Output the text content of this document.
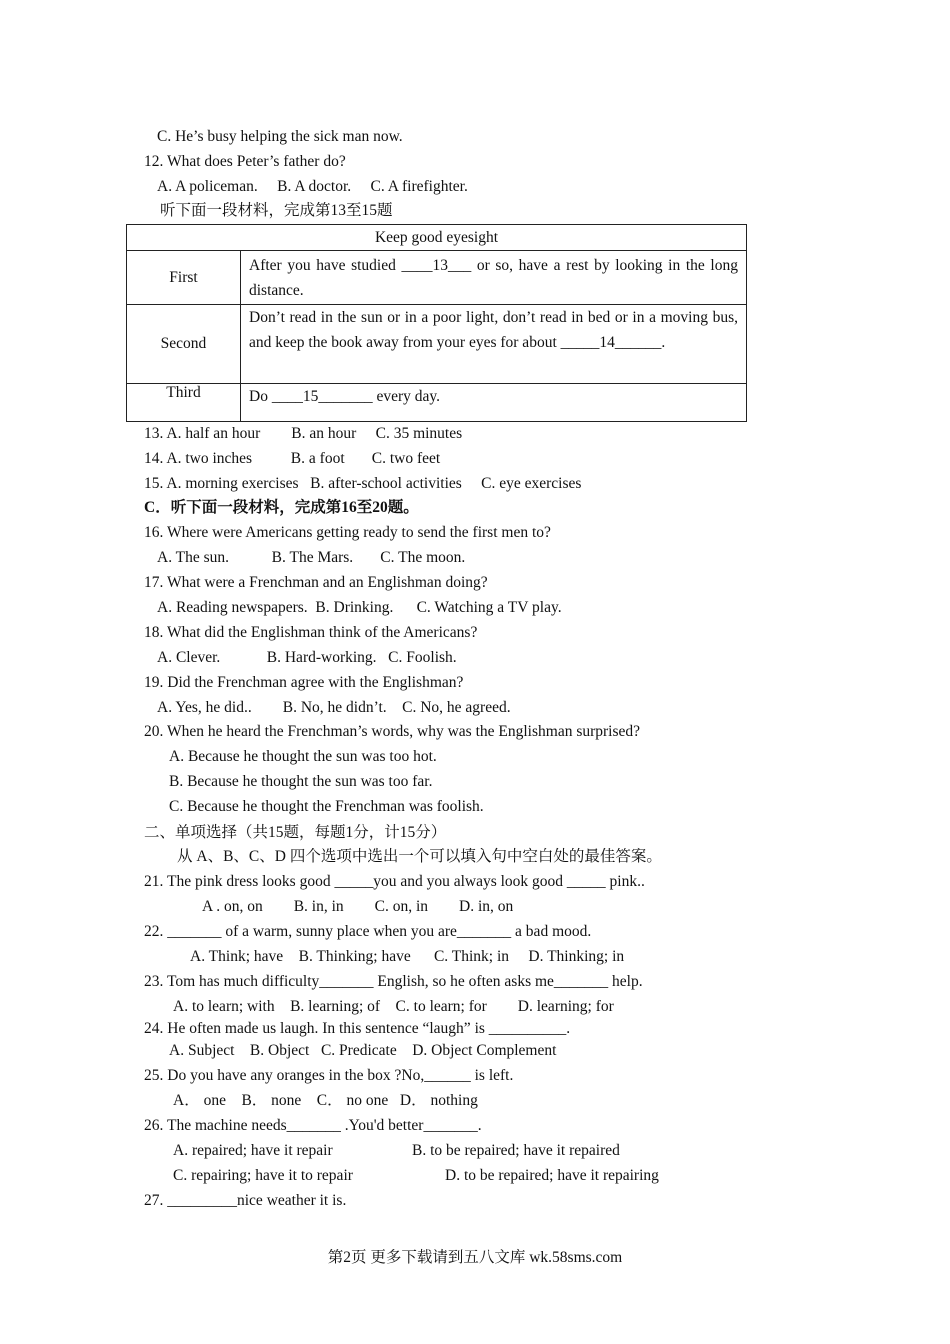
C. He’s busy helping the sick man now.
12. What does Peter’s father do?
A. A policeman.     B. A doctor.     C. A firefighter.
听下面一段材料，完成第13至15题
Keep good eyesight	
First	After you have studied ____13___ or so, have a rest by looking in the long distance.
Second	Don’t read in the sun or in a poor light, don’t read in bed or in a moving bus, and keep the book away from your eyes for about _____14______.
Third	Do ____15_______ every day.
13. A. half an hour        B. an hour     C. 35 minutes
14. A. two inches          B. a foot       C. two feet
15. A. morning exercises   B. after-school activities     C. eye exercises
C．听下面一段材料，完成第16至20题。
16. Where were Americans getting ready to send the first men to?
A. The sun.           B. The Mars.       C. The moon.
17. What were a Frenchman and an Englishman doing?
A. Reading newspapers.  B. Drinking.      C. Watching a TV play.
18. What did the Englishman think of the Americans?
A. Clever.            B. Hard-working.   C. Foolish.
19. Did the Frenchman agree with the Englishman?
A. Yes, he did..        B. No, he didn’t.    C. No, he agreed.
20. When he heard the Frenchman’s words, why was the Englishman surprised?
A. Because he thought the sun was too hot.
B. Because he thought the sun was too far.
C. Because he thought the Frenchman was foolish.
二、单项选择（共15题，每题1分，计15分）
从 A、B、C、D 四个选项中选出一个可以填入句中空白处的最佳答案。
21. The pink dress looks good _____you and you always look good _____ pink..
A . on, on        B. in, in        C. on, in        D. in, on
22. _______ of a warm, sunny place when you are_______ a bad mood.
A. Think; have    B. Thinking; have      C. Think; in     D. Thinking; in
23. Tom has much difficulty_______ English, so he often asks me_______ help.
A. to learn; with    B. learning; of    C. to learn; for        D. learning; for
24. He often made us laugh. In this sentence “laugh” is __________.
A. Subject    B. Object   C. Predicate    D. Object Complement
25. Do you have any oranges in the box ?No,______ is left.
A． one    B． none    C． no one   D． nothing
26. The machine needs_______ .You'd better_______.
A. repaired; have it repair	B. to be repaired; have it repaired
C. repairing; have it to repair	D. to be repaired; have it repairing
27. _________nice weather it is.
第2页 更多下载请到五八文库 wk.58sms.com
